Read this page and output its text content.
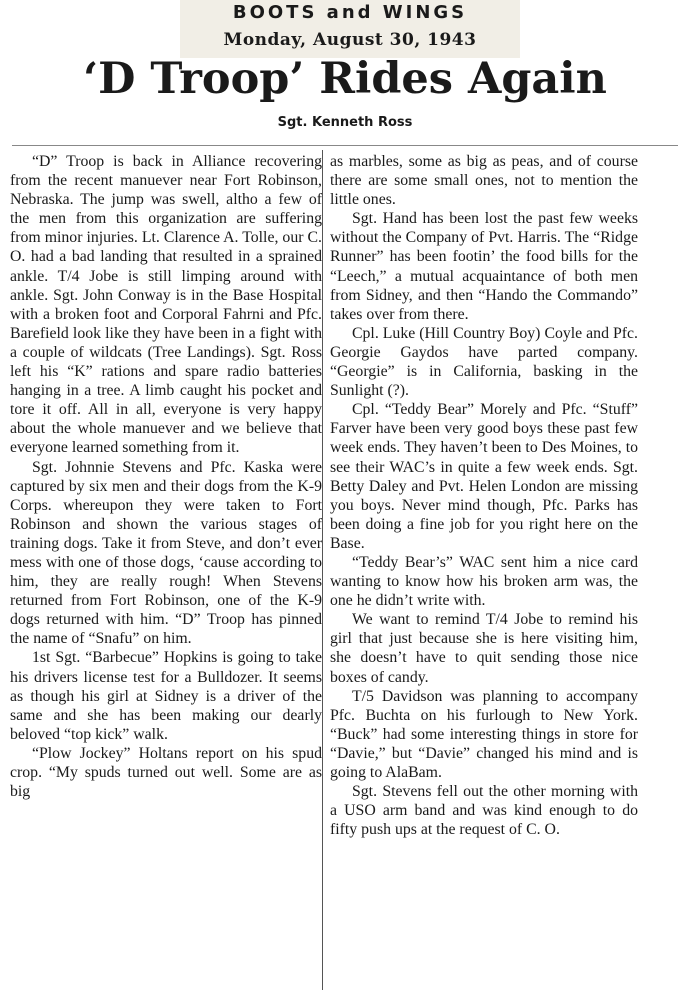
BOOTS and WINGS
Monday, August 30, 1943
‘D Troop’ Rides Again
Sgt. Kenneth Ross

“D” Troop is back in Alliance recovering from the recent manuever near Fort Robinson, Nebraska. The jump was swell, altho a few of the men from this organization are suffering from minor injuries. Lt. Clarence A. Tolle, our C. O. had a bad landing that resulted in a sprained ankle. T/4 Jobe is still limping around with ankle. Sgt. John Conway is in the Base Hospital with a broken foot and Corporal Fahrni and Pfc. Barefield look like they have been in a fight with a couple of wildcats (Tree Landings). Sgt. Ross left his “K” rations and spare radio batteries hanging in a tree. A limb caught his pocket and tore it off. All in all, everyone is very happy about the whole manuever and we believe that everyone learned something from it.

Sgt. Johnnie Stevens and Pfc. Kaska were captured by six men and their dogs from the K-9 Corps. whereupon they were taken to Fort Robinson and shown the various stages of training dogs. Take it from Steve, and don’t ever mess with one of those dogs, ‘cause according to him, they are really rough! When Stevens returned from Fort Robinson, one of the K-9 dogs returned with him. “D” Troop has pinned the name of “Snafu” on him.

1st Sgt. “Barbecue” Hopkins is going to take his drivers license test for a Bulldozer. It seems as though his girl at Sidney is a driver of the same and she has been making our dearly beloved “top kick” walk.

“Plow Jockey” Holtans report on his spud crop. “My spuds turned out well. Some are as big

as marbles, some as big as peas, and of course there are some small ones, not to mention the little ones.

Sgt. Hand has been lost the past few weeks without the Company of Pvt. Harris. The “Ridge Runner” has been footin’ the food bills for the “Leech,” a mutual acquaintance of both men from Sidney, and then “Hando the Commando” takes over from there.

Cpl. Luke (Hill Country Boy) Coyle and Pfc. Georgie Gaydos have parted company. “Georgie” is in California, basking in the Sunlight (?).

Cpl. “Teddy Bear” Morely and Pfc. “Stuff” Farver have been very good boys these past few week ends. They haven’t been to Des Moines, to see their WAC’s in quite a few week ends. Sgt. Betty Daley and Pvt. Helen London are missing you boys. Never mind though, Pfc. Parks has been doing a fine job for you right here on the Base.

“Teddy Bear’s” WAC sent him a nice card wanting to know how his broken arm was, the one he didn’t write with.

We want to remind T/4 Jobe to remind his girl that just because she is here visiting him, she doesn’t have to quit sending those nice boxes of candy.

T/5 Davidson was planning to accompany Pfc. Buchta on his furlough to New York. “Buck” had some interesting things in store for “Davie,” but “Davie” changed his mind and is going to AlaBam.

Sgt. Stevens fell out the other morning with a USO arm band and was kind enough to do fifty push ups at the request of C. O.
